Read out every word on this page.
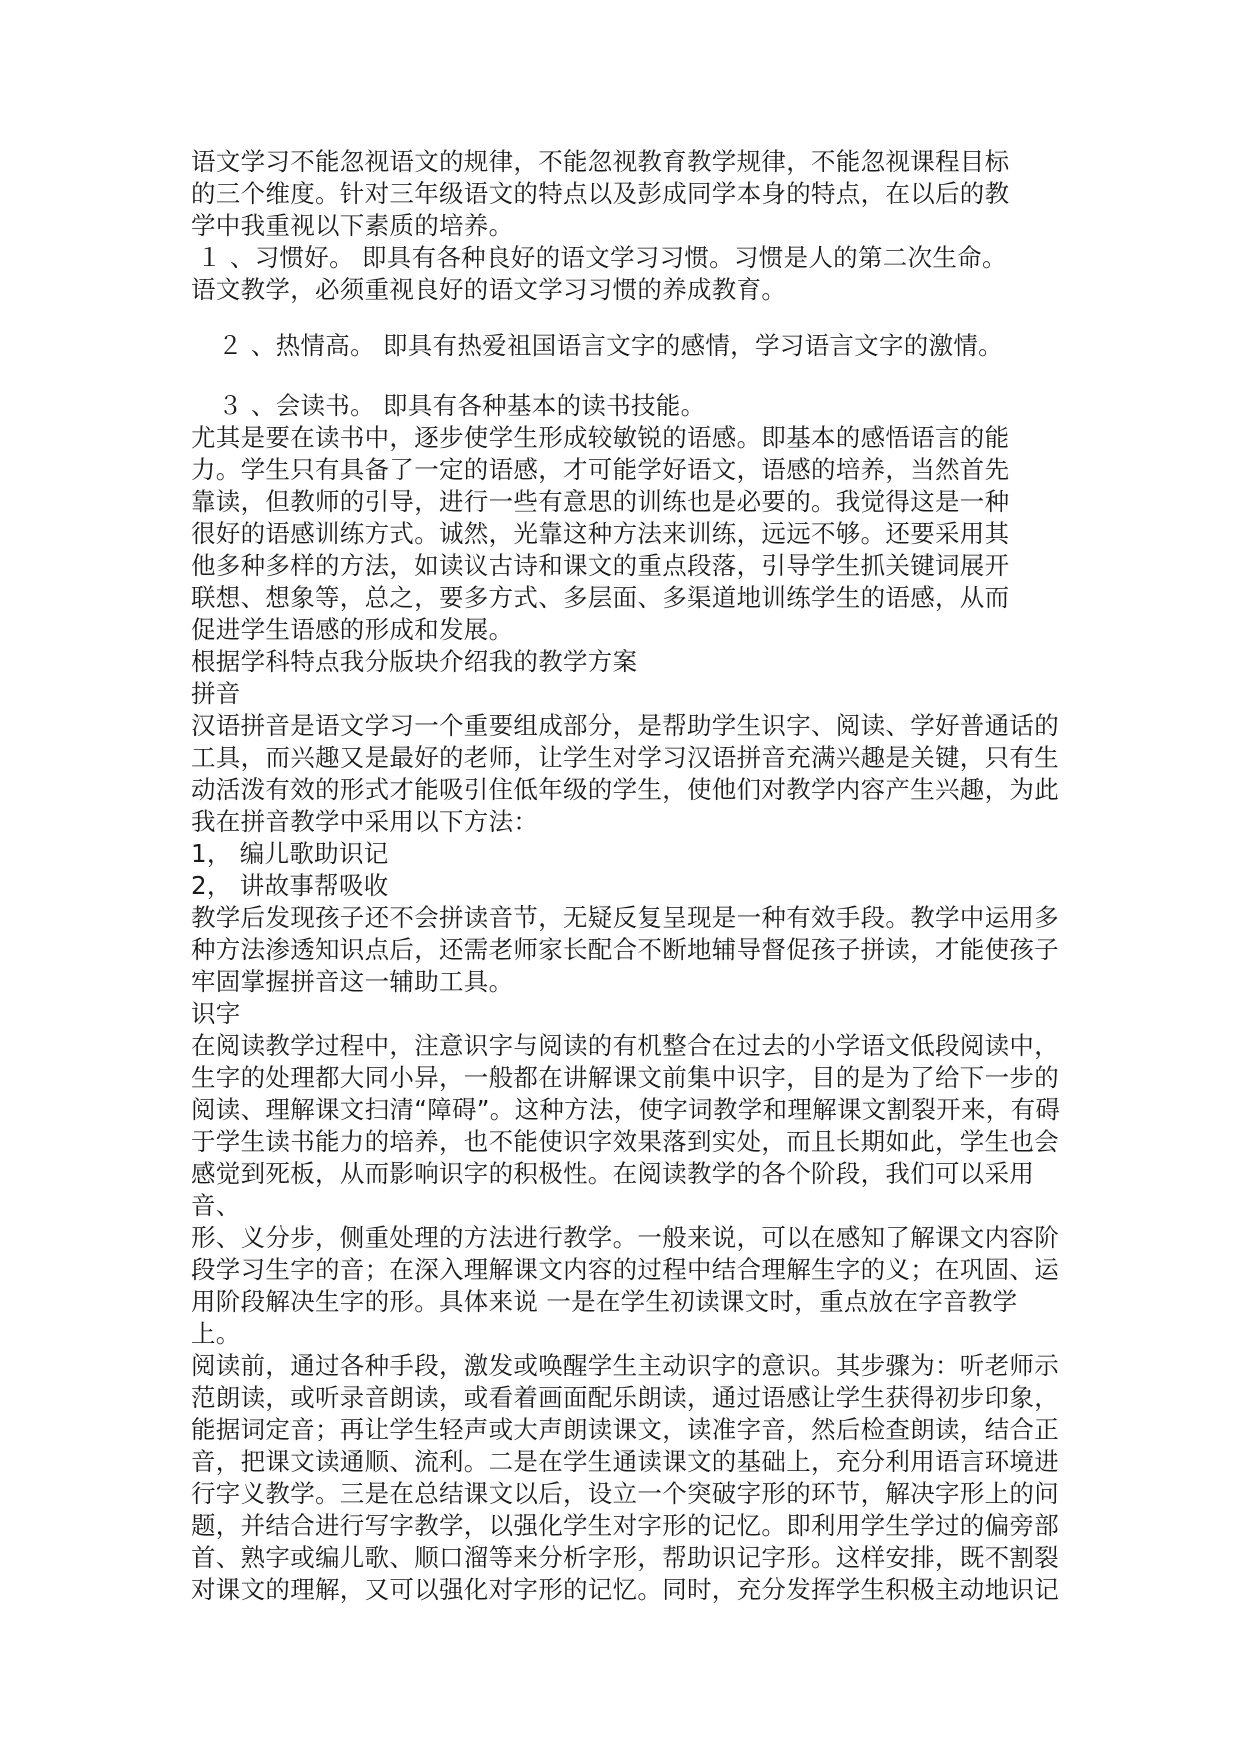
语文学习不能忽视语文的规律，不能忽视教育教学规律，不能忽视课程目标
的三个维度。针对三年级语文的特点以及彭成同学本身的特点，在以后的教
学中我重视以下素质的培养。

１ 、习惯好。 即具有各种良好的语文学习习惯。习惯是人的第二次生命。
语文教学，必须重视良好的语文学习习惯的养成教育。

２ 、热情高。 即具有热爱祖国语言文字的感情，学习语言文字的激情。

３ 、会读书。 即具有各种基本的读书技能。

尤其是要在读书中，逐步使学生形成较敏锐的语感。即基本的感悟语言的能
力。学生只有具备了一定的语感，才可能学好语文，语感的培养，当然首先
靠读，但教师的引导，进行一些有意思的训练也是必要的。我觉得这是一种
很好的语感训练方式。诚然，光靠这种方法来训练，远远不够。还要采用其
他多种多样的方法，如读议古诗和课文的重点段落，引导学生抓关键词展开
联想、想象等，总之，要多方式、多层面、多渠道地训练学生的语感，从而
促进学生语感的形成和发展。

根据学科特点我分版块介绍我的教学方案

拼音

汉语拼音是语文学习一个重要组成部分，是帮助学生识字、阅读、学好普通话的
工具，而兴趣又是最好的老师，让学生对学习汉语拼音充满兴趣是关键，只有生
动活泼有效的形式才能吸引住低年级的学生，使他们对教学内容产生兴趣，为此
我在拼音教学中采用以下方法：

1， 编儿歌助识记

2， 讲故事帮吸收

教学后发现孩子还不会拼读音节，无疑反复呈现是一种有效手段。教学中运用多
种方法渗透知识点后，还需老师家长配合不断地辅导督促孩子拼读，才能使孩子
牢固掌握拼音这一辅助工具。

识字

在阅读教学过程中，注意识字与阅读的有机整合在过去的小学语文低段阅读中，
生字的处理都大同小异，一般都在讲解课文前集中识字，目的是为了给下一步的
阅读、理解课文扫清“障碍”。这种方法，使字词教学和理解课文割裂开来，有碍
于学生读书能力的培养，也不能使识字效果落到实处，而且长期如此，学生也会
感觉到死板，从而影响识字的积极性。在阅读教学的各个阶段，我们可以采用音、
形、义分步，侧重处理的方法进行教学。一般来说，可以在感知了解课文内容阶
段学习生字的音；在深入理解课文内容的过程中结合理解生字的义；在巩固、运
用阶段解决生字的形。具体来说 一是在学生初读课文时，重点放在字音教学上。
阅读前，通过各种手段，激发或唤醒学生主动识字的意识。其步骤为：听老师示
范朗读，或听录音朗读，或看着画面配乐朗读，通过语感让学生获得初步印象，
能据词定音；再让学生轻声或大声朗读课文，读准字音，然后检查朗读，结合正
音，把课文读通顺、流利。二是在学生通读课文的基础上，充分利用语言环境进
行字义教学。三是在总结课文以后，设立一个突破字形的环节，解决字形上的问
题，并结合进行写字教学，以强化学生对字形的记忆。即利用学生学过的偏旁部
首、熟字或编儿歌、顺口溜等来分析字形，帮助识记字形。这样安排，既不割裂
对课文的理解，又可以强化对字形的记忆。同时，充分发挥学生积极主动地识记
